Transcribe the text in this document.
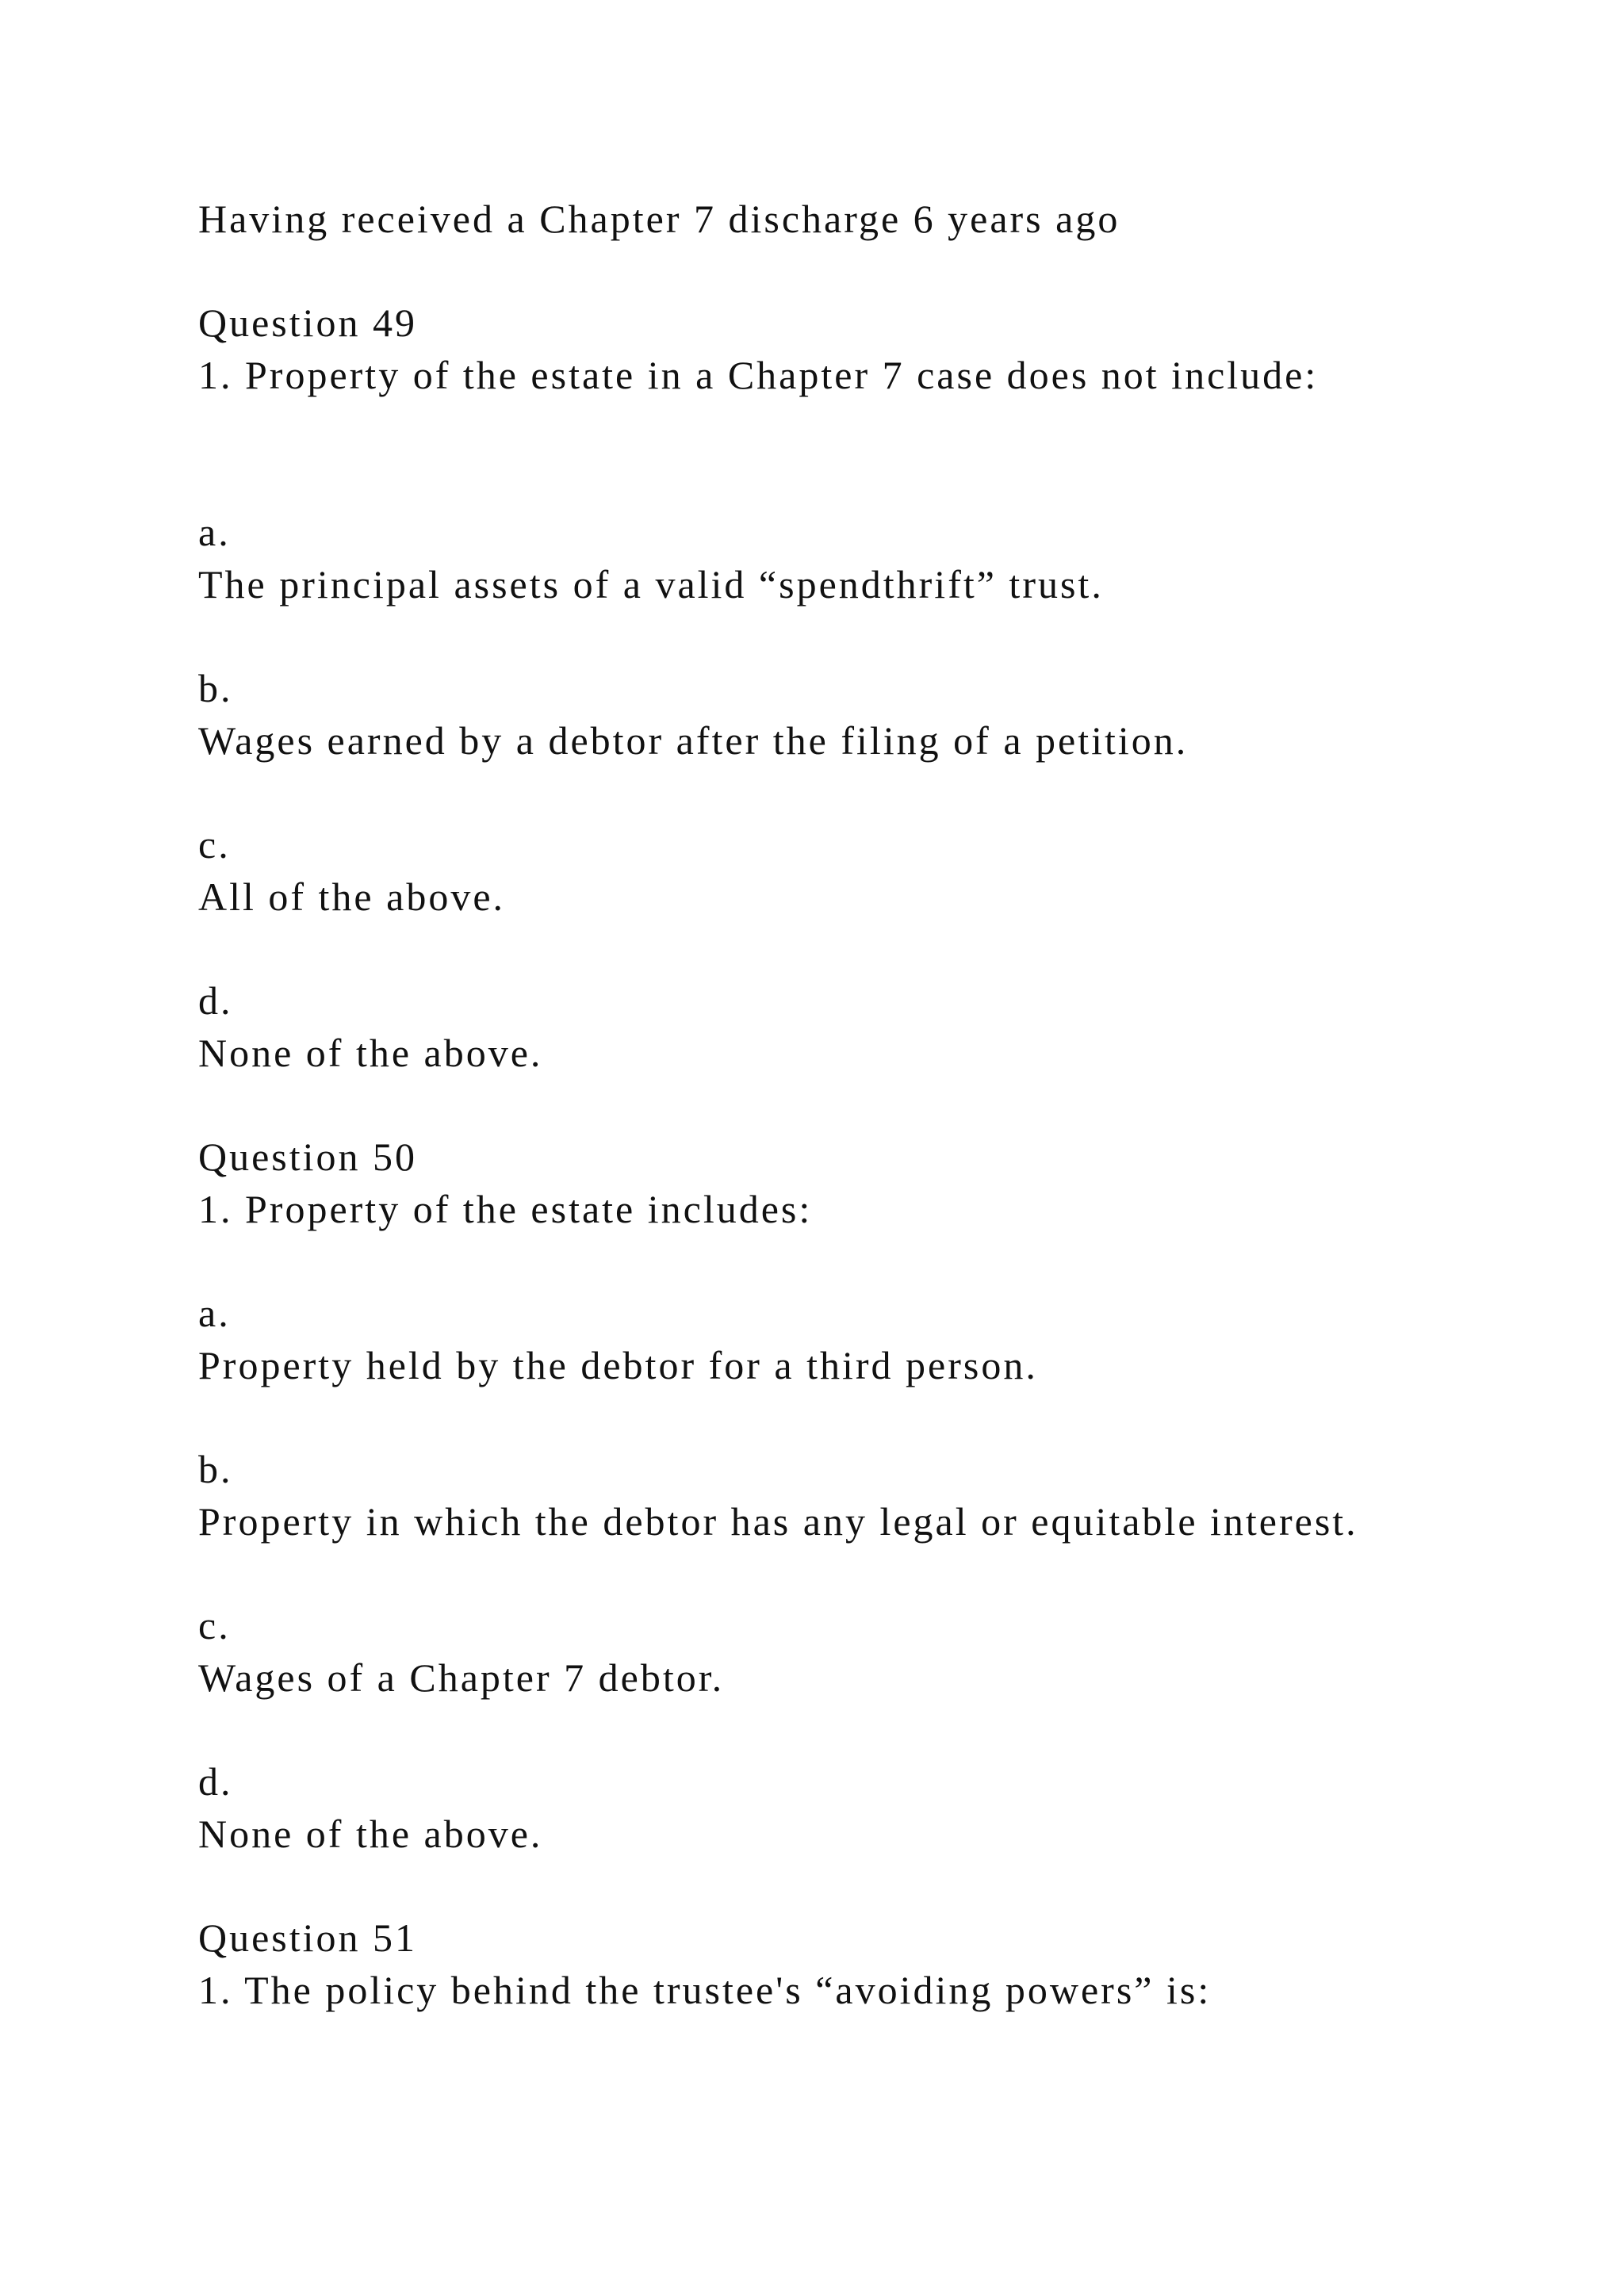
Having received a Chapter 7 discharge 6 years ago
Question 49
1. Property of the estate in a Chapter 7 case does not include:
a.
The principal assets of a valid “spendthrift” trust.
b.
Wages earned by a debtor after the filing of a petition.
c.
All of the above.
d.
None of the above.
Question 50
1. Property of the estate includes:
a.
Property held by the debtor for a third person.
b.
Property in which the debtor has any legal or equitable interest.
c.
Wages of a Chapter 7 debtor.
d.
None of the above.
Question 51
1. The policy behind the trustee's “avoiding powers” is:
